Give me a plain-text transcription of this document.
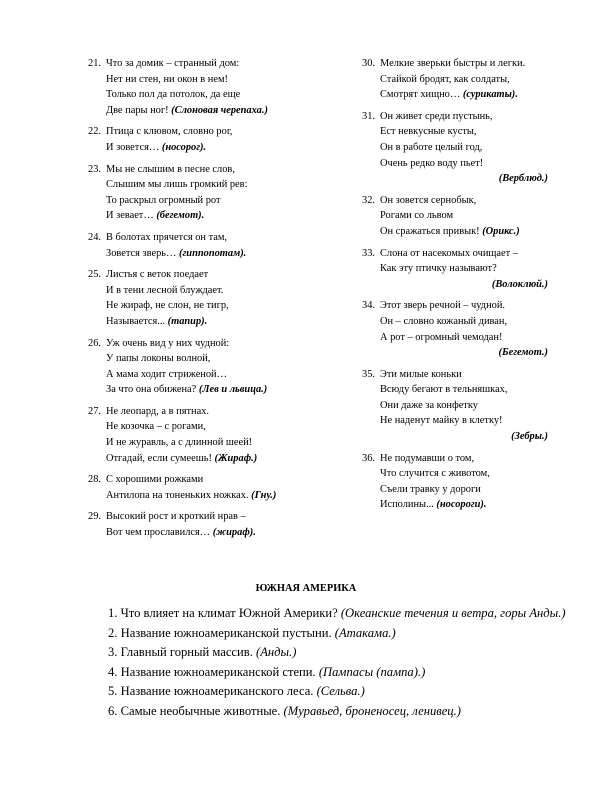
21. Что за домик – странный дом:
Нет ни стен, ни окон в нем!
Только пол да потолок, да еще
Две пары ног! (Слоновая черепаха.)
22. Птица с клювом, словно рог,
И зовется… (носорог).
23. Мы не слышим в песне слов,
Слышим мы лишь громкий рев:
То раскрыл огромный рот
И зевает… (бегемот).
24. В болотах прячется он там,
Зовется зверь… (гиппопотам).
25. Листья с веток поедает
И в тени лесной блуждает.
Не жираф, не слон, не тигр,
Называется... (тапир).
26. Уж очень вид у них чудной:
У папы локоны волной,
А мама ходит стриженой…
За что она обижена? (Лев и львица.)
27. Не леопард, а в пятнах.
Не козочка – с рогами,
И не журавль, а с длинной шеей!
Отгадай, если сумеешь! (Жираф.)
28. С хорошими рожками
Антилопа на тоненьких ножках. (Гну.)
29. Высокий рост и кроткий нрав –
Вот чем прославился… (жираф).
30. Мелкие зверьки быстры и легки.
Стайкой бродят, как солдаты,
Смотрят хищно… (сурикаты).
31. Он живет среди пустынь,
Ест невкусные кусты,
Он в работе целый год,
Очень редко воду пьет!
(Верблюд.)
32. Он зовется сернобык,
Рогами со львом
Он сражаться привык! (Орикс.)
33. Слона от насекомых очищает –
Как эту птичку называют?
(Волоклюй.)
34. Этот зверь речной – чудной.
Он – словно кожаный диван,
А рот – огромный чемодан!
(Бегемот.)
35. Эти милые коньки
Всюду бегают в тельняшках,
Они даже за конфетку
Не наденут майку в клетку!
(Зебры.)
36. Не подумавши о том,
Что случится с животом,
Съели травку у дороги
Исполины... (носороги).
ЮЖНАЯ АМЕРИКА
1. Что влияет на климат Южной Америки? (Океанские течения и ветра, горы Анды.)
2. Название южноамериканской пустыни. (Атакама.)
3. Главный горный массив. (Анды.)
4. Название южноамериканской степи. (Пампасы (пампа).)
5. Название южноамериканского леса. (Сельва.)
6. Самые необычные животные. (Муравьед, броненосец, ленивец.)
